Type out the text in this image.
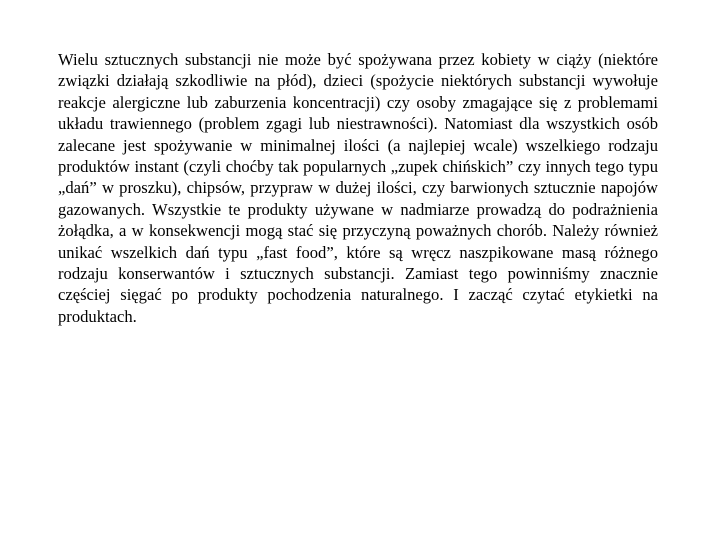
Wielu sztucznych substancji nie może być spożywana przez kobiety w ciąży (niektóre związki działają szkodliwie na płód), dzieci (spożycie niektórych substancji wywołuje reakcje alergiczne lub zaburzenia koncentracji) czy osoby zmagające się z problemami układu trawiennego (problem zgagi lub niestrawności). Natomiast dla wszystkich osób zalecane jest spożywanie w minimalnej ilości (a najlepiej wcale) wszelkiego rodzaju produktów instant (czyli choćby tak popularnych „zupek chińskich” czy innych tego typu „dań” w proszku), chipsów, przypraw w dużej ilości, czy barwionych sztucznie napojów gazowanych. Wszystkie te produkty używane w nadmiarze prowadzą do podrażnienia żołądka, a w konsekwencji mogą stać się przyczyną poważnych chorób. Należy również unikać wszelkich dań typu „fast food”, które są wręcz naszpikowane masą różnego rodzaju konserwantów i sztucznych substancji. Zamiast tego powinniśmy znacznie częściej sięgać po produkty pochodzenia naturalnego. I zacząć czytać etykietki na produktach.
